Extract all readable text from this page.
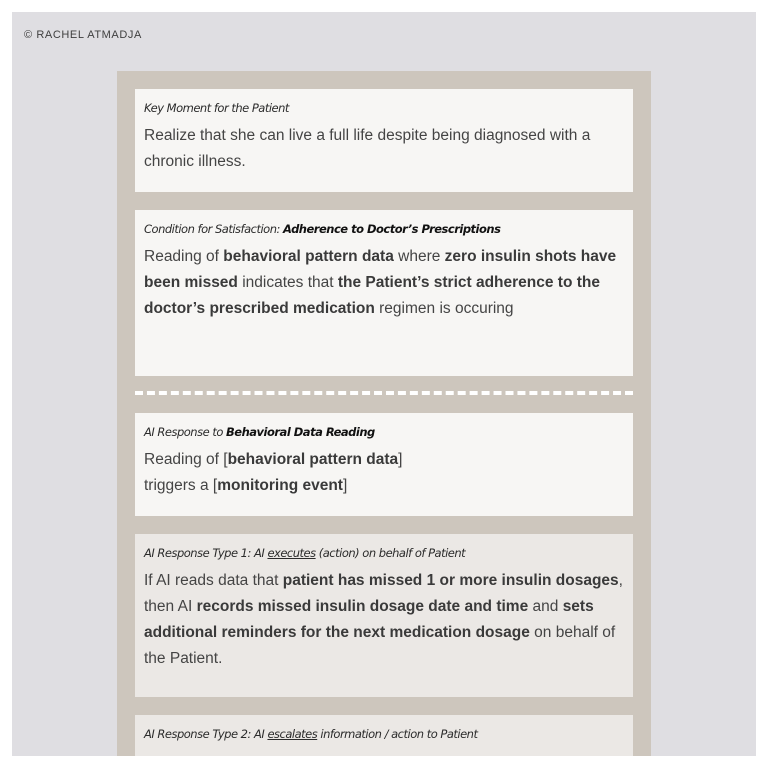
© RACHEL ATMADJA
Key Moment for the Patient
Realize that she can live a full life despite being diagnosed with a chronic illness.
Condition for Satisfaction: Adherence to Doctor’s Prescriptions
Reading of behavioral pattern data where zero insulin shots have been missed indicates that the Patient’s strict adherence to the doctor’s prescribed medication regimen is occuring
AI Response to Behavioral Data Reading
Reading of [behavioral pattern data]
triggers a [monitoring event]
AI Response Type 1: AI executes (action) on behalf of Patient
If AI reads data that patient has missed 1 or more insulin dosages, then AI records missed insulin dosage date and time and sets additional reminders for the next medication dosage on behalf of the Patient.
AI Response Type 2: AI escalates information / action to Patient
